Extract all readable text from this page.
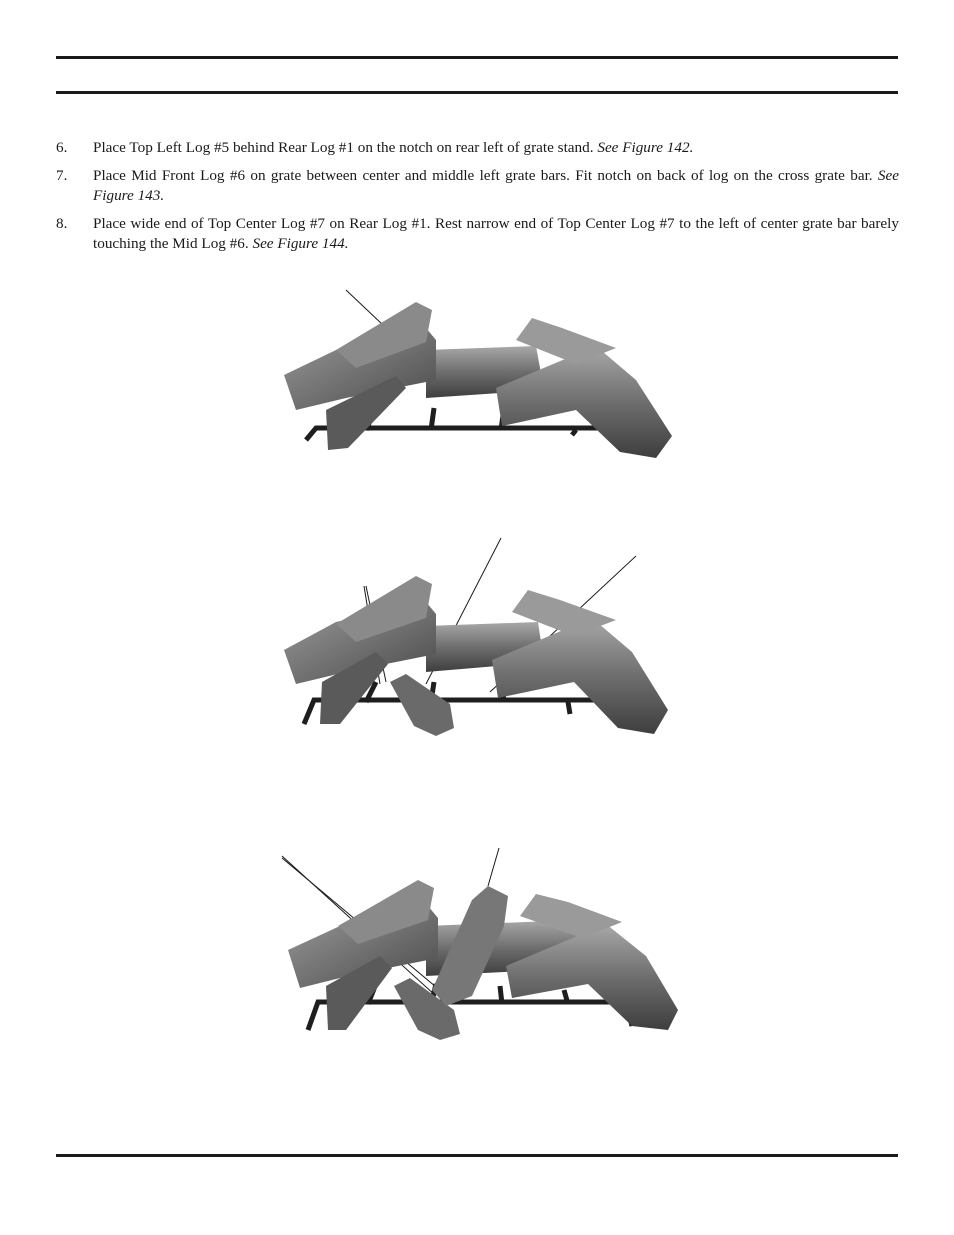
6. Place Top Left Log #5 behind Rear Log #1 on the notch on rear left of grate stand. See Figure 142.
7. Place Mid Front Log #6 on grate between center and middle left grate bars. Fit notch on back of log on the cross grate bar. See Figure 143.
8. Place wide end of Top Center Log #7 on Rear Log #1. Rest narrow end of Top Center Log #7 to the left of center grate bar barely touching the Mid Log #6. See Figure 144.
